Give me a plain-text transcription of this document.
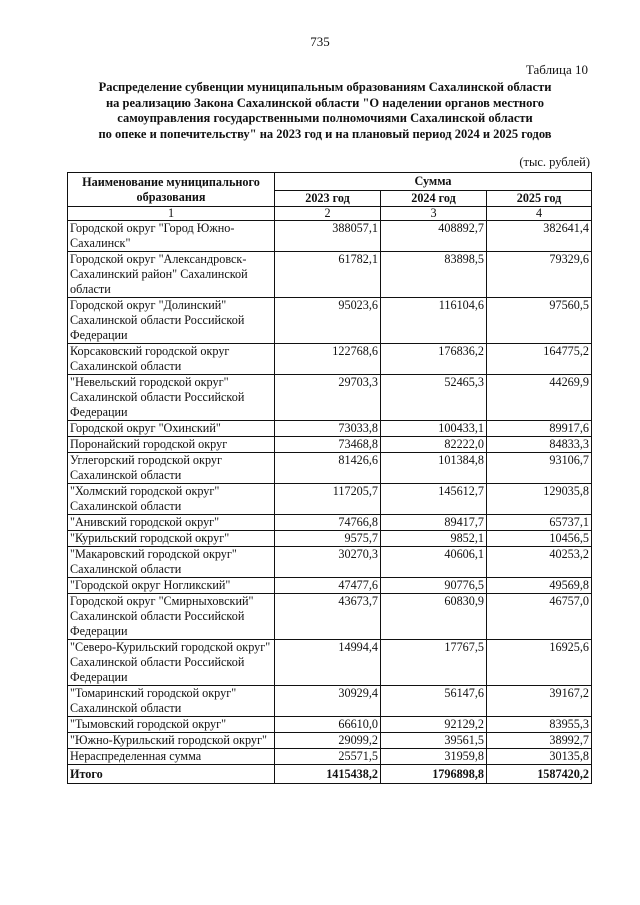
735
Таблица 10
Распределение субвенции муниципальным образованиям Сахалинской области
на реализацию Закона Сахалинской области "О наделении органов местного
самоуправления государственными полномочиями Сахалинской области
по опеке и попечительству" на 2023 год и на плановый период 2024 и 2025 годов
(тыс. рублей)
Наименование муниципального образования	Сумма		
	2023 год	2024 год	2025 год
1	2	3	4
Городской округ "Город Южно-Сахалинск"	388057,1	408892,7	382641,4
Городской округ "Александровск-Сахалинский район" Сахалинской области	61782,1	83898,5	79329,6
Городской округ "Долинский" Сахалинской области Российской Федерации	95023,6	116104,6	97560,5
Корсаковский городской округ Сахалинской области	122768,6	176836,2	164775,2
"Невельский городской округ" Сахалинской области Российской Федерации	29703,3	52465,3	44269,9
Городской округ "Охинский"	73033,8	100433,1	89917,6
Поронайский городской округ	73468,8	82222,0	84833,3
Углегорский городской округ Сахалинской области	81426,6	101384,8	93106,7
"Холмский городской округ" Сахалинской области	117205,7	145612,7	129035,8
"Анивский городской округ"	74766,8	89417,7	65737,1
"Курильский городской округ"	9575,7	9852,1	10456,5
"Макаровский городской округ" Сахалинской области	30270,3	40606,1	40253,2
"Городской округ Ногликский"	47477,6	90776,5	49569,8
Городской округ "Смирныховский" Сахалинской области Российской Федерации	43673,7	60830,9	46757,0
"Северо-Курильский городской округ" Сахалинской области Российской Федерации	14994,4	17767,5	16925,6
"Томаринский городской округ" Сахалинской области	30929,4	56147,6	39167,2
"Тымовский городской округ"	66610,0	92129,2	83955,3
"Южно-Курильский городской округ"	29099,2	39561,5	38992,7
Нераспределенная сумма	25571,5	31959,8	30135,8
Итого	1415438,2	1796898,8	1587420,2
